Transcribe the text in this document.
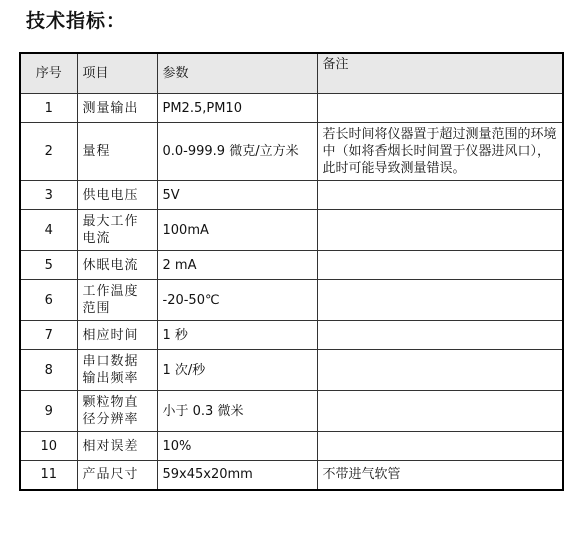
技术指标：
序号	项目	参数	备注
1	测量输出	PM2.5,PM10	
2	量程	0.0-999.9 微克/立方米	若长时间将仪器置于超过测量范围的环境中（如将香烟长时间置于仪器进风口），此时可能导致测量错误。
3	供电电压	5V	
4	最大工作电流	100mA	
5	休眠电流	2 mA	
6	工作温度范围	-20-50℃	
7	相应时间	1 秒	
8	串口数据输出频率	1 次/秒	
9	颗粒物直径分辨率	小于 0.3 微米	
10	相对误差	10%	
11	产品尺寸	59x45x20mm	不带进气软管
